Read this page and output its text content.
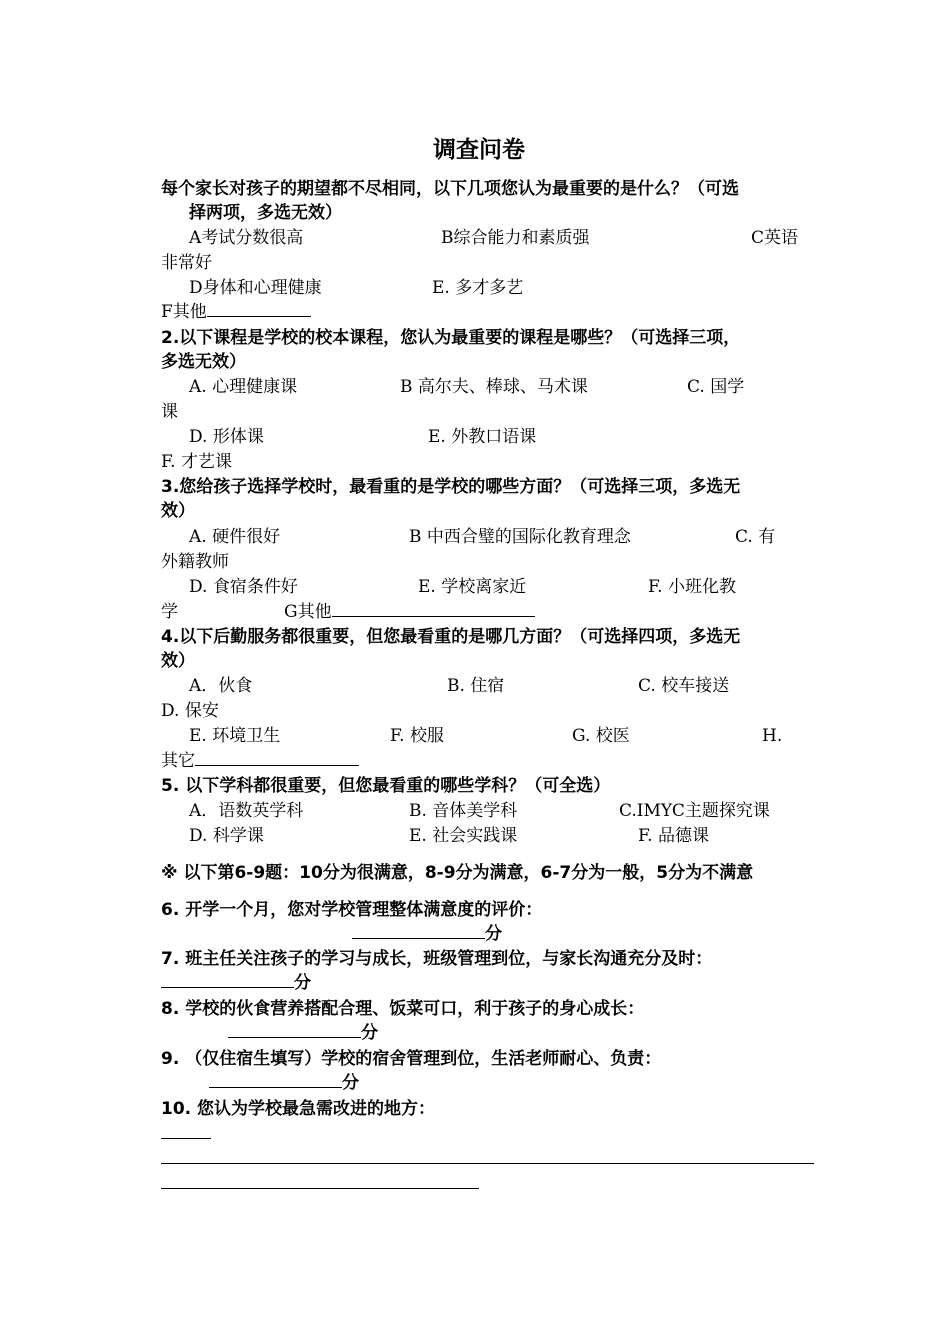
调查问卷
每个家长对孩子的期望都不尽相同，以下几项您认为最重要的是什么？（可选
择两项，多选无效）
A考试分数很高	B综合能力和素质强	C英语
非常好
D身体和心理健康	E. 多才多艺
F其他
2.以下课程是学校的校本课程，您认为最重要的课程是哪些？（可选择三项，
多选无效）
A. 心理健康课	B 高尔夫、棒球、马术课	C. 国学
课
D. 形体课	E. 外教口语课
F. 才艺课
3.您给孩子选择学校时，最看重的是学校的哪些方面？（可选择三项，多选无
效）
A. 硬件很好	B 中西合璧的国际化教育理念	C. 有
外籍教师
D. 食宿条件好	E. 学校离家近	F. 小班化教
学	G其他
4.以下后勤服务都很重要，但您最看重的是哪几方面？（可选择四项，多选无
效）
A．伙食	B. 住宿	C. 校车接送
D. 保安
E. 环境卫生	F. 校服	G. 校医	H.
其它
5. 以下学科都很重要，但您最看重的哪些学科？（可全选）
A．语数英学科	B. 音体美学科	C.IMYC主题探究课
D. 科学课	E. 社会实践课	F. 品德课
※ 以下第6-9题：10分为很满意，8-9分为满意，6-7分为一般，5分为不满意
6. 开学一个月，您对学校管理整体满意度的评价：
分
7. 班主任关注孩子的学习与成长，班级管理到位，与家长沟通充分及时：
分
8. 学校的伙食营养搭配合理、饭菜可口，利于孩子的身心成长：
分
9. （仅住宿生填写）学校的宿舍管理到位，生活老师耐心、负责：
分
10. 您认为学校最急需改进的地方：
